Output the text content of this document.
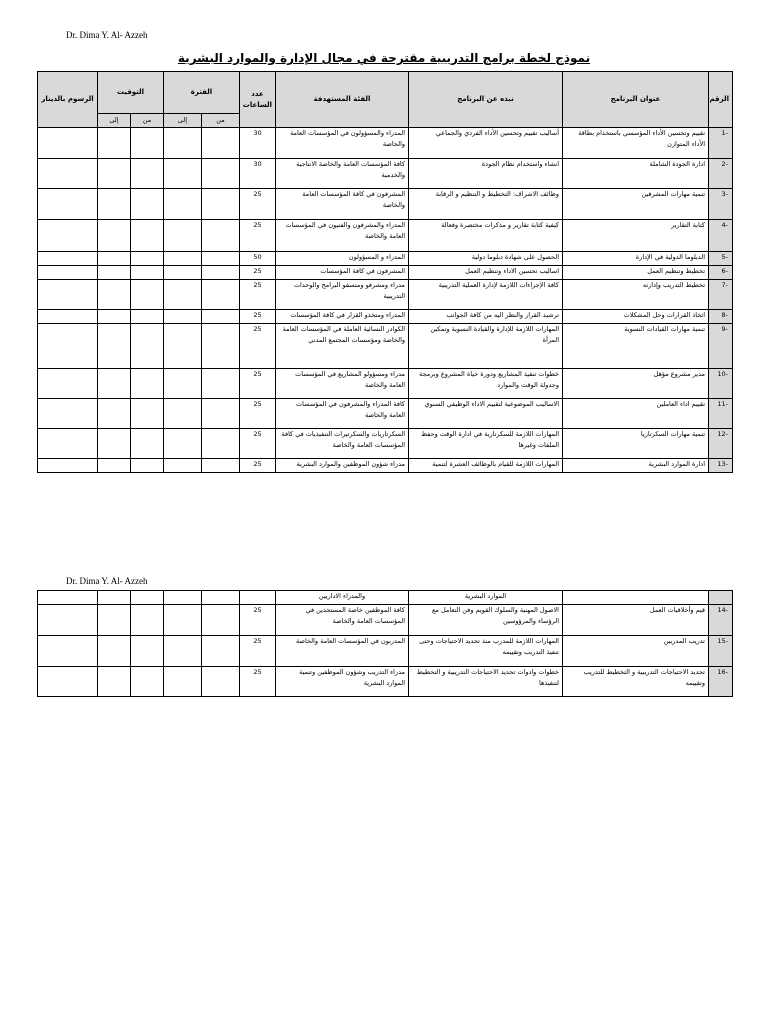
Dr. Dima Y. Al- Azzeh
نموذج لخطة برامج التدريبية مقترحة في مجال الإدارة والموارد البشرية
الرقم	عنوان البرنامج	نبذه عن البرنامج	الفئة المستهدفة	عدد الساعات	الفترة		التوقيت		الرسوم بالدينار
					من	إلى	من	إلى	
-1	تقييم وتحسين الأداء المؤسسي باستخدام بطاقة الأداء المتوازن	أساليب تقييم وتحسين الأداء الفردي والجماعي	المدراء والمسؤولون في المؤسسات العامة والخاصة	30					
-2	ادارة الجودة الشاملة	انشاء واستخدام نظام الجودة	كافة المؤسسات العامة والخاصة الانتاجية والخدمية	30					
-3	تنمية مهارات المشرفين	وظائف الاشراف: التخطيط و التنظيم و الرقابة	المشرفون في كافة المؤسسات العامة والخاصة	25					
-4	كتابة التقارير	كيفية كتابة تقارير و مذكرات مختصرة وفعالة	المدراء والمشرفون والفنيون في المؤسسات العامة والخاصة	25					
-5	الدبلوما الدولية في الإدارة	الحصول على شهادة دبلوما دولية	المدراء و المسؤولون	50					
-6	تخطيط وتنظيم العمل	اساليب تحسين الاداء وتنظيم العمل	المشرفون في كافة المؤسسات	25					
-7	تخطيط التدريب وإدارته	كافة الإجراءات اللازمة لإدارة العملية التدريبية	مدراء ومشرفو ومنسقو البرامج والوحدات التدريبية	25					
-8	اتخاذ القرارات وحل المشكلات	ترشيد القرار والنظر اليه من كافة الجوانب	المدراء ومتخذو القرار في كافة المؤسسات	25					
-9	تنمية مهارات القيادات النسوية	المهارات اللازمة للإدارة والقيادة النسوية وتمكين المرأة	الكوادر النسائية العاملة في المؤسسات العامة والخاصة ومؤسسات المجتمع المدني	25					
-10	مدير مشروع مؤهل	خطوات تنفيذ المشاريع ودورة حياة المشروع وبرمجة وجدولة الوقت والموارد	مدراء ومسؤولو المشاريع في المؤسسات العامة والخاصة	25					
-11	تقييم اداء العاملين	الاساليب الموضوعية لتقييم الاداء الوظيفي السنوي	كافة المدراء والمشرفون في المؤسسات العامة والخاصة	25					
-12	تنمية مهارات السكرتاريا	المهارات اللازمة للسكرتارية في ادارة الوقت وحفظ الملفات وغيرها	السكرتاريات والسكرتيرات التنفيذيات في كافة المؤسسات العامة والخاصة	25					
-13	ادارة الموارد البشرية	المهارات اللازمة للقيام بالوظائف العشرة لتنمية	مدراء شؤون الموظفين والموارد البشرية	25					
Dr. Dima Y. Al- Azzeh
		الموارد البشرية	والمدراء الاداريين						
-14	قيم وأخلاقيات العمل	الاصول المهنية والسلوك القويم وفن التعامل مع الرؤساء والمرؤوسين	كافة الموظفين خاصة المستجدين في المؤسسات العامة والخاصة	25					
-15	تدريب المدربين	المهارات اللازمة للمدرب منذ تحديد الاحتياجات وحتى تنفيذ التدريب وتقييمه	المدربون في المؤسسات العامة والخاصة	25					
-16	تحديد الاحتياجات التدريبية و التخطيط للتدريب وتقييمه	خطوات وادوات تحديد الاحتياجات التدريبية و التخطيط لتنفيذها	مدراء التدريب وشؤون الموظفين وتنمية الموارد البشرية	25					
